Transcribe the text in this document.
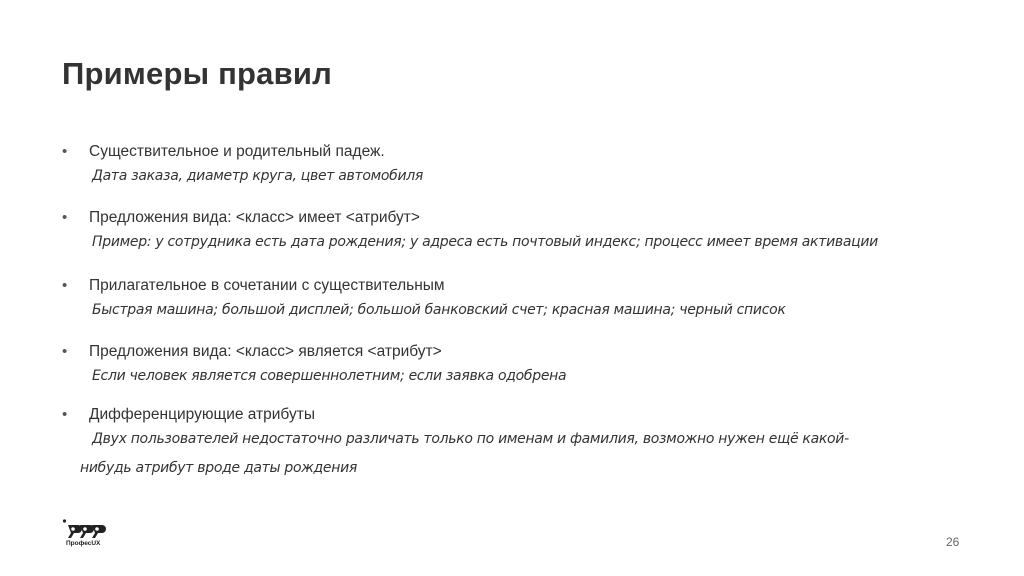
Примеры правил
• Существительное и родительный падеж.
Дата заказа, диаметр круга, цвет автомобиля
• Предложения вида: <класс> имеет <атрибут>
Пример: у сотрудника есть дата рождения; у адреса есть почтовый индекс; процесс имеет время активации
• Прилагательное в сочетании с существительным
Быстрая машина; большой дисплей; большой банковский счет; красная машина; черный список
• Предложения вида: <класс> является <атрибут>
Если человек является совершеннолетним; если заявка одобрена
• Дифференцирующие атрибуты
Двух пользователей недостаточно различать только по именам и фамилия, возможно нужен ещё какой-
нибудь атрибут вроде даты рождения
ПрофесUX	26
